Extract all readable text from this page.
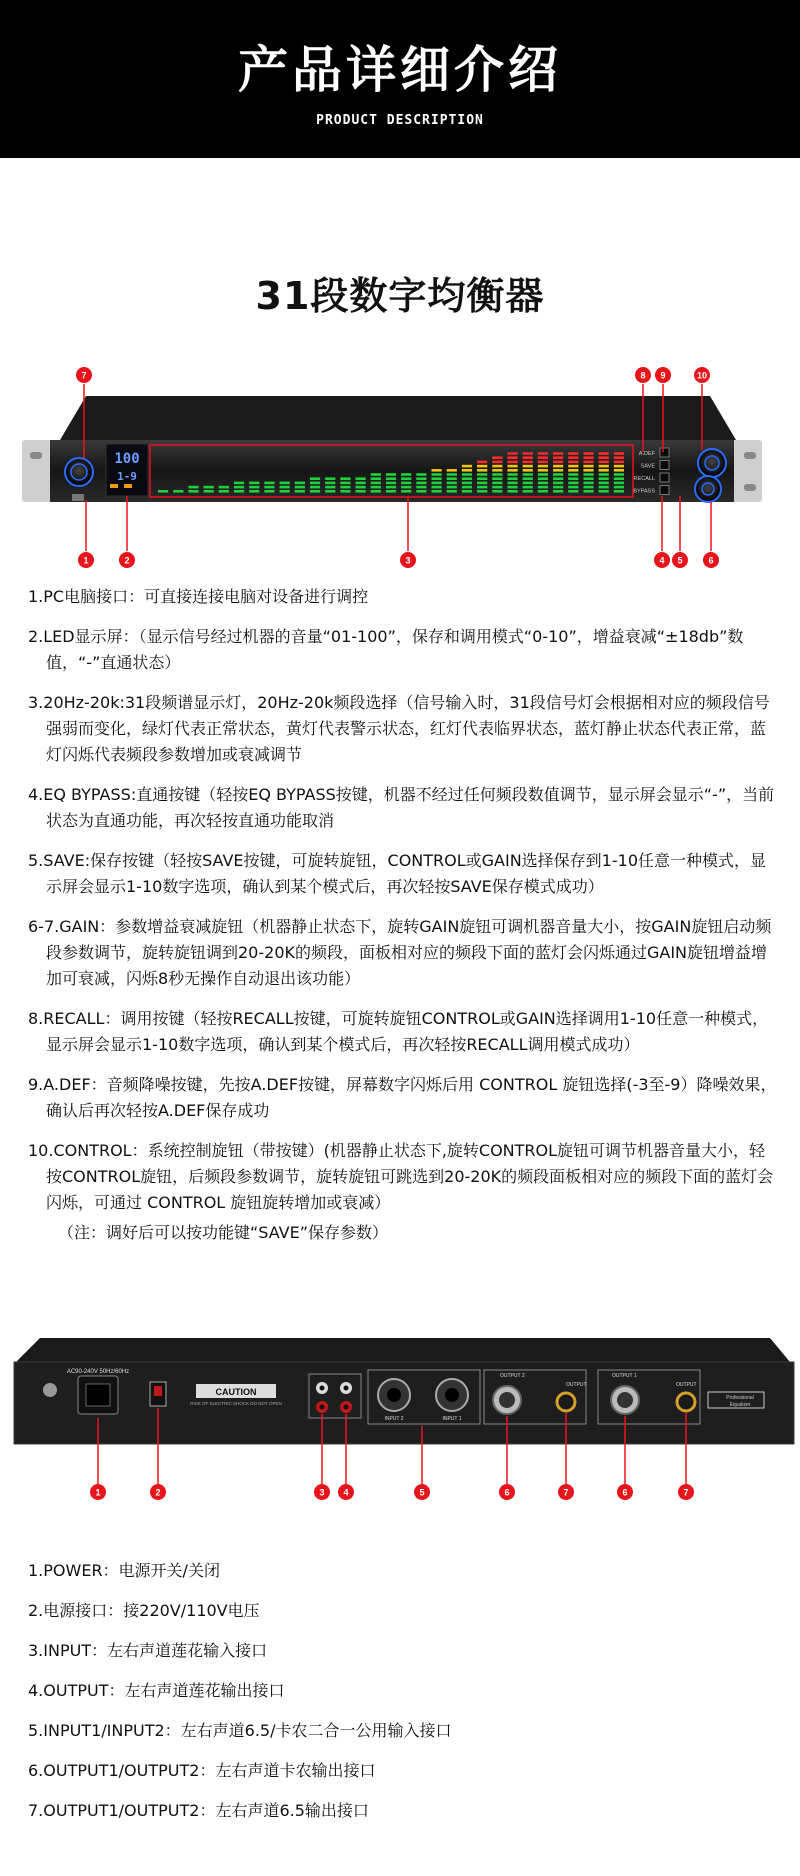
产品详细介绍
PRODUCT DESCRIPTION
31段数字均衡器
100
1-9
A.DEF
SAVE
RECALL
BYPASS
7
1	2	3
8 9	10
4 5	6
1.PC电脑接口：可直接连接电脑对设备进行调控
2.LED显示屏：（显示信号经过机器的音量“01-100”，保存和调用模式“0-10”，增益衰减“±18db”数值，“-”直通状态）
3.20Hz-20k:31段频谱显示灯，20Hz-20k频段选择（信号输入时，31段信号灯会根据相对应的频段信号强弱而变化，绿灯代表正常状态，黄灯代表警示状态，红灯代表临界状态，蓝灯静止状态代表正常，蓝灯闪烁代表频段参数增加或衰减调节
4.EQ BYPASS:直通按键（轻按EQ BYPASS按键，机器不经过任何频段数值调节，显示屏会显示“-”，当前状态为直通功能，再次轻按直通功能取消
5.SAVE:保存按键（轻按SAVE按键，可旋转旋钮，CONTROL或GAIN选择保存到1-10任意一种模式，显示屏会显示1-10数字选项，确认到某个模式后，再次轻按SAVE保存模式成功）
6-7.GAIN：参数增益衰减旋钮（机器静止状态下，旋转GAIN旋钮可调机器音量大小，按GAIN旋钮启动频段参数调节，旋转旋钮调到20-20K的频段，面板相对应的频段下面的蓝灯会闪烁通过GAIN旋钮增益增加可衰减，闪烁8秒无操作自动退出该功能）
8.RECALL：调用按键（轻按RECALL按键，可旋转旋钮CONTROL或GAIN选择调用1-10任意一种模式，显示屏会显示1-10数字选项，确认到某个模式后，再次轻按RECALL调用模式成功）
9.A.DEF：音频降噪按键，先按A.DEF按键，屏幕数字闪烁后用 CONTROL 旋钮选择(-3至-9）降噪效果，确认后再次轻按A.DEF保存成功
10.CONTROL：系统控制旋钮（带按键）(机器静止状态下,旋转CONTROL旋钮可调节机器音量大小，轻按CONTROL旋钮，后频段参数调节，旋转旋钮可跳选到20-20K的频段面板相对应的频段下面的蓝灯会闪烁，可通过 CONTROL 旋钮旋转增加或衰减）
（注：调好后可以按功能键“SAVE”保存参数）
AC90-240V 50Hz/60Hz
CAUTION
RISK OF ELECTRIC SHOCK DO NOT OPEN
INPUT 2	INPUT 1
OUTPUT 2
OUTPUT
OUTPUT 1
OUTPUT
Professional
Equalizer
1	2	3 4	5	6	7	6	7
1.POWER：电源开关/关闭
2.电源接口：接220V/110V电压
3.INPUT：左右声道莲花输入接口
4.OUTPUT：左右声道莲花输出接口
5.INPUT1/INPUT2：左右声道6.5/卡农二合一公用输入接口
6.OUTPUT1/OUTPUT2：左右声道卡农输出接口
7.OUTPUT1/OUTPUT2：左右声道6.5输出接口
